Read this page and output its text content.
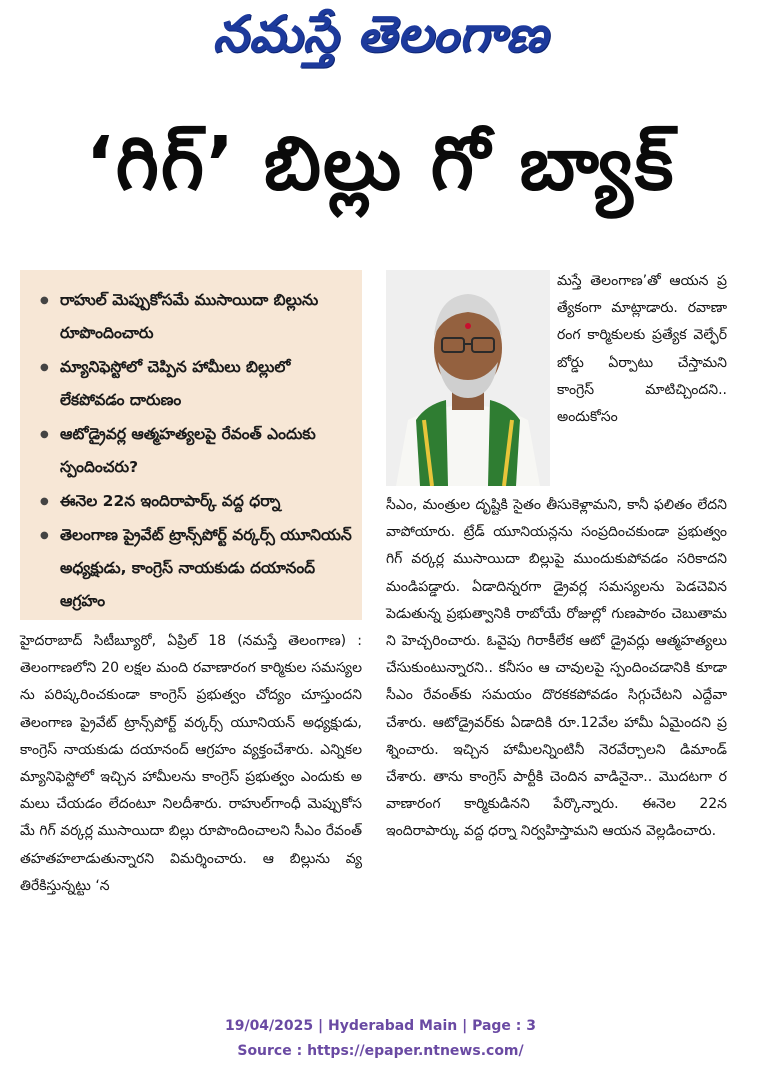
నమస్తే తెలంగాణ
‘గిగ్’ బిల్లు గో బ్యాక్
● రాహుల్ మెప్పుకోసమే ముసాయిదా బిల్లును రూపొందించారు
● మ్యానిఫెస్టోలో చెప్పిన హామీలు బిల్లులో లేకపోవడం దారుణం
● ఆటోడ్రైవర్ల ఆత్మహత్యలపై రేవంత్ ఎందుకు స్పందించరు?
● ఈనెల 22న ఇందిరాపార్క్ వద్ద ధర్నా
● తెలంగాణ ప్రైవేట్ ట్రాన్స్‌పోర్ట్ వర్కర్స్ యూనియన్ అధ్యక్షుడు, కాంగ్రెస్ నాయకుడు దయానంద్ ఆగ్రహం
మస్తే తెలంగాణ’తో ఆయన ప్రత్యేకంగా మాట్లాడారు. రవాణా రంగ కార్మికులకు ప్రత్యేక వెల్ఫేర్ బోర్డు ఏర్పాటు చేస్తామని కాంగ్రెస్ మాటిచ్చిందని.. అందుకోసం
సీఎం, మంత్రుల దృష్టికి సైతం తీసుకెళ్లామని, కానీ ఫలితం లేదని వాపోయారు. ట్రేడ్ యూనియన్లను సంప్రదించకుండా ప్రభుత్వం గిగ్ వర్కర్ల ముసాయిదా బిల్లుపై ముందుకుపోవడం సరికాదని మండిపడ్డారు. ఏడాదిన్నరగా డ్రైవర్ల సమస్యలను పెడచెవిన పెడుతున్న ప్రభుత్వానికి రాబోయే రోజుల్లో గుణపాఠం చెబుతామని హెచ్చరించారు. ఓవైపు గిరాకీలేక ఆటో డ్రైవర్లు ఆత్మహత్యలు చేసుకుంటున్నారని.. కనీసం ఆ చావులపై స్పందించడానికి కూడా సీఎం రేవంత్‌కు సమయం దొరకకపోవడం సిగ్గుచేటని ఎద్దేవా చేశారు. ఆటోడ్రైవర్‌కు ఏడాదికి రూ.12వేల హామీ ఏమైందని ప్రశ్నించారు. ఇచ్చిన హామీలన్నింటినీ నెరవేర్చాలని డిమాండ్ చేశారు. తాను కాంగ్రెస్ పార్టీకి చెందిన వాడినైనా.. మొదటగా రవాణారంగ కార్మికుడినని పేర్కొన్నారు. ఈనెల 22న ఇందిరాపార్కు వద్ద ధర్నా నిర్వహిస్తామని ఆయన వెల్లడించారు.
హైదరాబాద్ సిటీబ్యూరో, ఏప్రిల్ 18 (నమస్తే తెలంగాణ) : తెలంగాణలోని 20 లక్షల మంది రవాణారంగ కార్మికుల సమస్యలను పరిష్కరించకుండా కాంగ్రెస్ ప్రభుత్వం చోద్యం చూస్తుందని తెలంగాణ ప్రైవేట్ ట్రాన్స్‌పోర్ట్ వర్కర్స్ యూనియన్ అధ్యక్షుడు, కాంగ్రెస్ నాయకుడు దయానంద్ ఆగ్రహం వ్యక్తంచేశారు. ఎన్నికల మ్యానిఫెస్టోలో ఇచ్చిన హామీలను కాంగ్రెస్ ప్రభుత్వం ఎందుకు అమలు చేయడం లేదంటూ నిలదీశారు. రాహుల్‌గాంధీ మెప్పుకోసమే గిగ్ వర్కర్ల ముసాయిదా బిల్లు రూపొందించాలని సీఎం రేవంత్ తహతహలాడుతున్నారని విమర్శించారు. ఆ బిల్లును వ్యతిరేకిస్తున్నట్టు ‘న
19/04/2025 | Hyderabad Main | Page : 3
Source : https://epaper.ntnews.com/
